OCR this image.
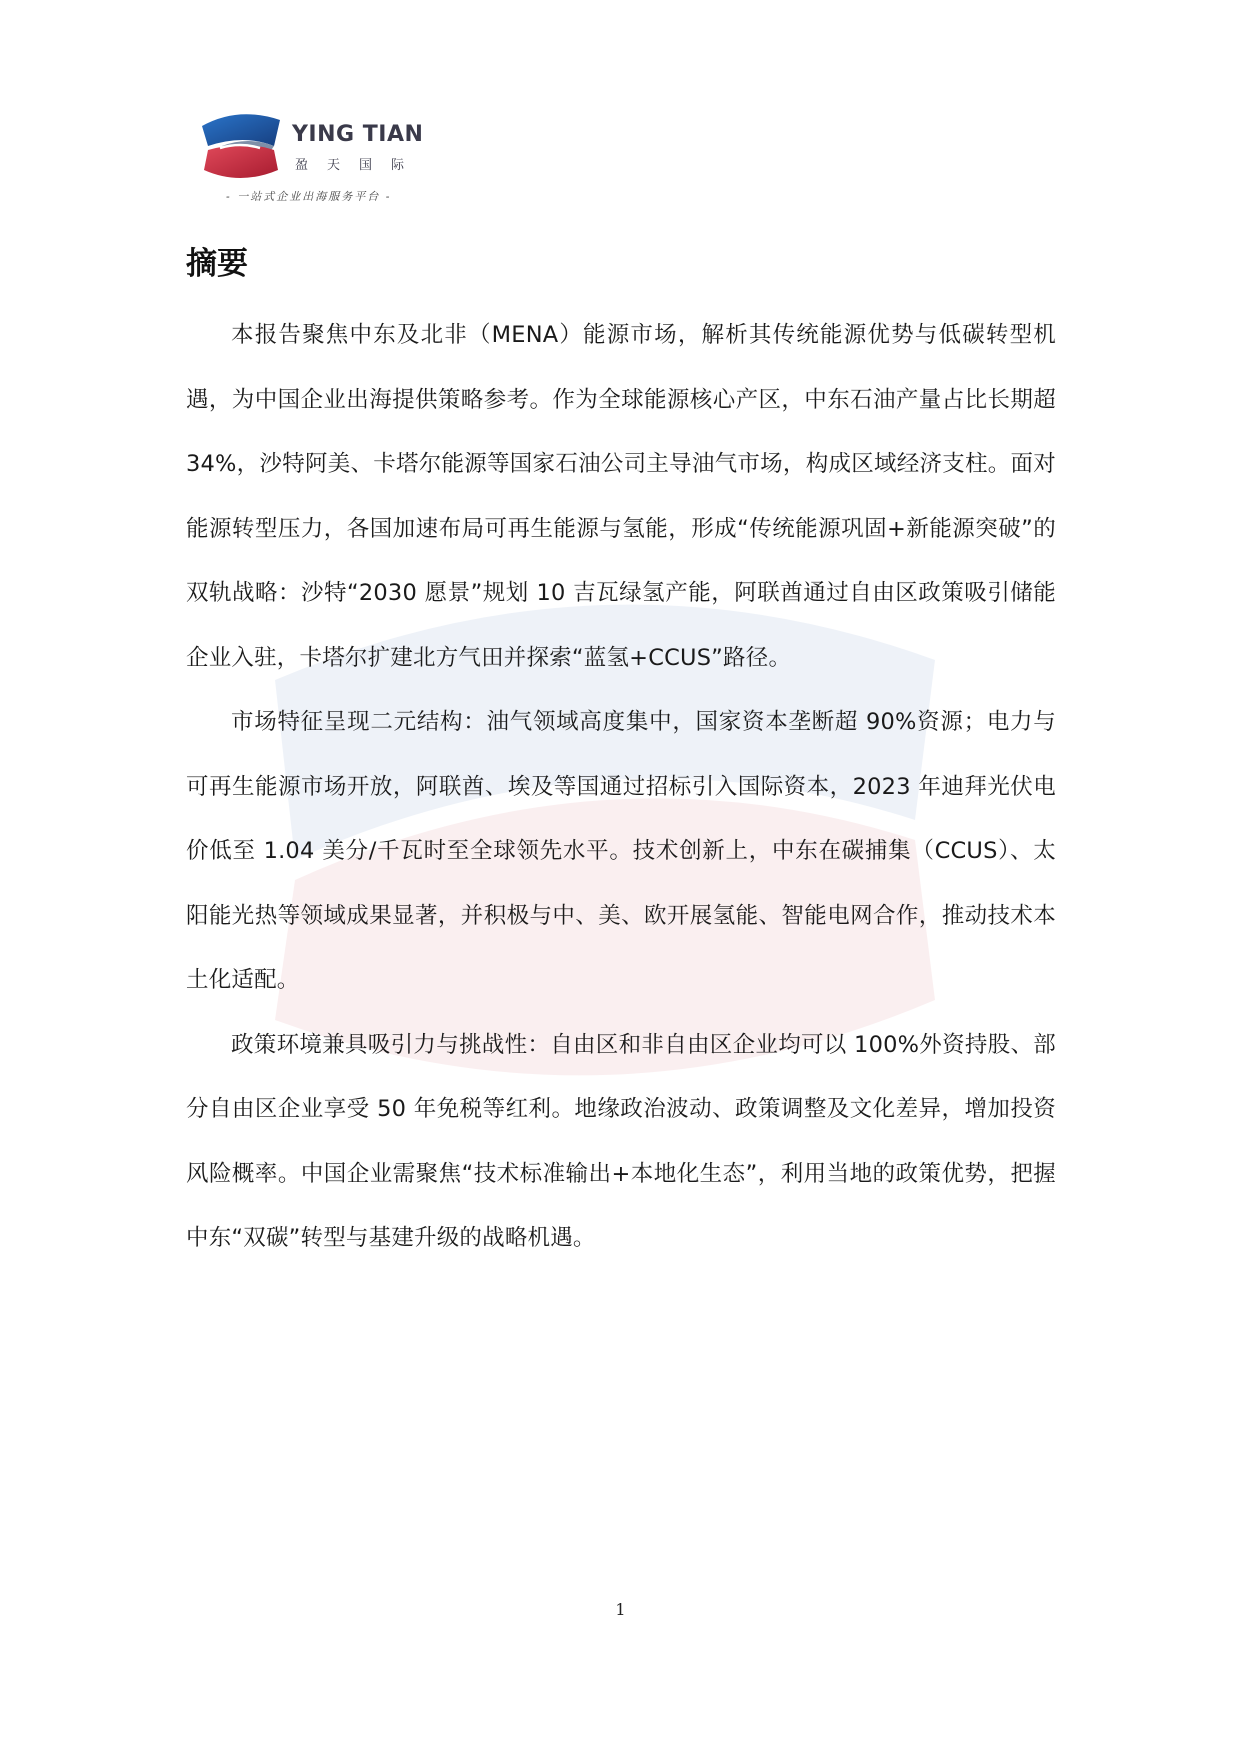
YING TIAN
盈天国际
- 一站式企业出海服务平台 -
摘要

本报告聚焦中东及北非（MENA）能源市场，解析其传统能源优势与低碳转型机遇，为中国企业出海提供策略参考。作为全球能源核心产区，中东石油产量占比长期超 34%，沙特阿美、卡塔尔能源等国家石油公司主导油气市场，构成区域经济支柱。面对能源转型压力，各国加速布局可再生能源与氢能，形成“传统能源巩固+新能源突破”的双轨战略：沙特“2030 愿景”规划 10 吉瓦绿氢产能，阿联酋通过自由区政策吸引储能企业入驻，卡塔尔扩建北方气田并探索“蓝氢+CCUS”路径。

市场特征呈现二元结构：油气领域高度集中，国家资本垄断超 90%资源；电力与可再生能源市场开放，阿联酋、埃及等国通过招标引入国际资本，2023 年迪拜光伏电价低至 1.04 美分/千瓦时至全球领先水平。技术创新上，中东在碳捕集（CCUS）、太阳能光热等领域成果显著，并积极与中、美、欧开展氢能、智能电网合作，推动技术本土化适配。

政策环境兼具吸引力与挑战性：自由区和非自由区企业均可以 100%外资持股、部分自由区企业享受 50 年免税等红利。地缘政治波动、政策调整及文化差异，增加投资风险概率。中国企业需聚焦“技术标准输出+本地化生态”，利用当地的政策优势，把握中东“双碳”转型与基建升级的战略机遇。

1
